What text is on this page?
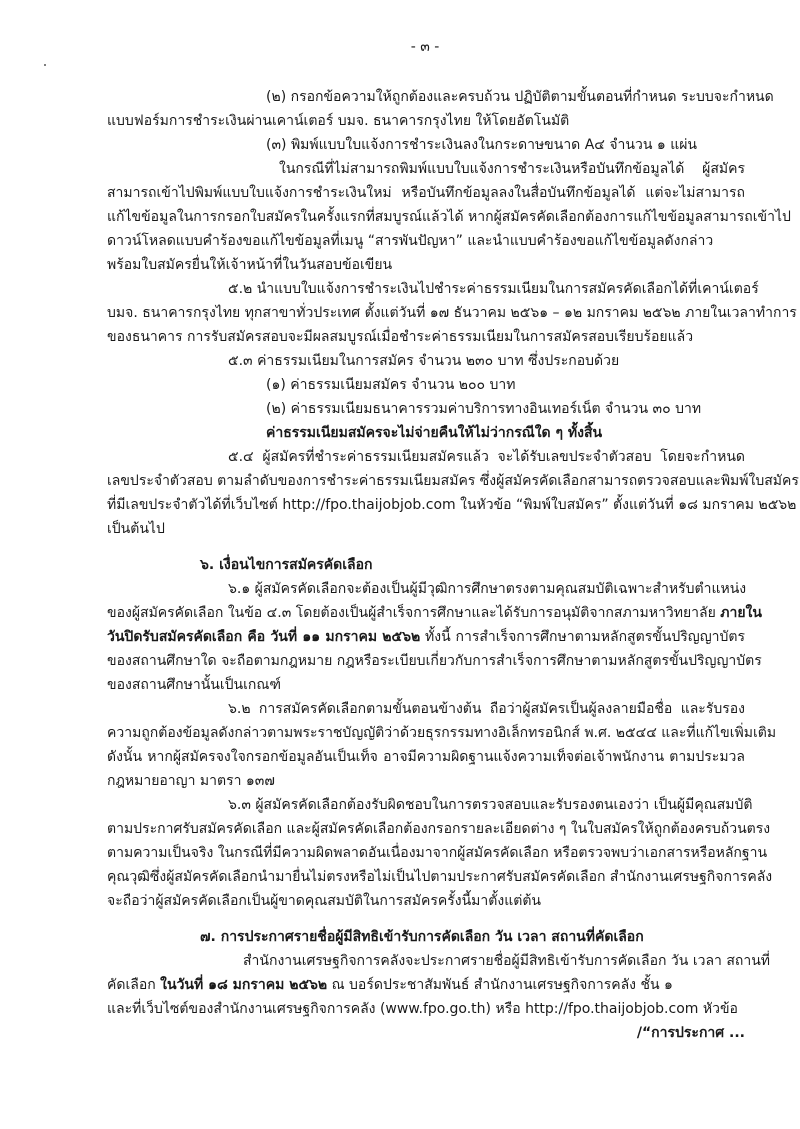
- ๓ -
(๒) กรอกข้อความให้ถูกต้องและครบถ้วน ปฏิบัติตามขั้นตอนที่กำหนด ระบบจะกำหนด
แบบฟอร์มการชำระเงินผ่านเคาน์เตอร์ บมจ. ธนาคารกรุงไทย ให้โดยอัตโนมัติ
(๓) พิมพ์แบบใบแจ้งการชำระเงินลงในกระดาษขนาด A๔ จำนวน ๑ แผ่น
ในกรณีที่ไม่สามารถพิมพ์แบบใบแจ้งการชำระเงินหรือบันทึกข้อมูลได้ ผู้สมัคร
สามารถเข้าไปพิมพ์แบบใบแจ้งการชำระเงินใหม่ หรือบันทึกข้อมูลลงในสื่อบันทึกข้อมูลได้ แต่จะไม่สามารถ
แก้ไขข้อมูลในการกรอกใบสมัครในครั้งแรกที่สมบูรณ์แล้วได้ หากผู้สมัครคัดเลือกต้องการแก้ไขข้อมูลสามารถเข้าไป
ดาวน์โหลดแบบคำร้องขอแก้ไขข้อมูลที่เมนู “สารพันปัญหา” และนำแบบคำร้องขอแก้ไขข้อมูลดังกล่าว
พร้อมใบสมัครยื่นให้เจ้าหน้าที่ในวันสอบข้อเขียน
๕.๒ นำแบบใบแจ้งการชำระเงินไปชำระค่าธรรมเนียมในการสมัครคัดเลือกได้ที่เคาน์เตอร์
บมจ. ธนาคารกรุงไทย ทุกสาขาทั่วประเทศ ตั้งแต่วันที่ ๑๗ ธันวาคม ๒๕๖๑ – ๑๒ มกราคม ๒๕๖๒ ภายในเวลาทำการ
ของธนาคาร การรับสมัครสอบจะมีผลสมบูรณ์เมื่อชำระค่าธรรมเนียมในการสมัครสอบเรียบร้อยแล้ว
๕.๓ ค่าธรรมเนียมในการสมัคร จำนวน ๒๓๐ บาท ซึ่งประกอบด้วย
(๑) ค่าธรรมเนียมสมัคร จำนวน ๒๐๐ บาท
(๒) ค่าธรรมเนียมธนาคารรวมค่าบริการทางอินเทอร์เน็ต จำนวน ๓๐ บาท
ค่าธรรมเนียมสมัครจะไม่จ่ายคืนให้ไม่ว่ากรณีใด ๆ ทั้งสิ้น
๕.๔ ผู้สมัครที่ชำระค่าธรรมเนียมสมัครแล้ว จะได้รับเลขประจำตัวสอบ โดยจะกำหนด
เลขประจำตัวสอบ ตามลำดับของการชำระค่าธรรมเนียมสมัคร ซึ่งผู้สมัครคัดเลือกสามารถตรวจสอบและพิมพ์ใบสมัคร
ที่มีเลขประจำตัวได้ที่เว็บไซต์ http://fpo.thaijobjob.com ในหัวข้อ “พิมพ์ใบสมัคร” ตั้งแต่วันที่ ๑๘ มกราคม ๒๕๖๒
เป็นต้นไป
๖. เงื่อนไขการสมัครคัดเลือก
๖.๑ ผู้สมัครคัดเลือกจะต้องเป็นผู้มีวุฒิการศึกษาตรงตามคุณสมบัติเฉพาะสำหรับตำแหน่ง
ของผู้สมัครคัดเลือก ในข้อ ๔.๓ โดยต้องเป็นผู้สำเร็จการศึกษาและได้รับการอนุมัติจากสภามหาวิทยาลัย ภายใน
วันปิดรับสมัครคัดเลือก คือ วันที่ ๑๑ มกราคม ๒๕๖๒ ทั้งนี้ การสำเร็จการศึกษาตามหลักสูตรขั้นปริญญาบัตร
ของสถานศึกษาใด จะถือตามกฎหมาย กฎหรือระเบียบเกี่ยวกับการสำเร็จการศึกษาตามหลักสูตรขั้นปริญญาบัตร
ของสถานศึกษานั้นเป็นเกณฑ์
๖.๒ การสมัครคัดเลือกตามขั้นตอนข้างต้น ถือว่าผู้สมัครเป็นผู้ลงลายมือชื่อ และรับรอง
ความถูกต้องข้อมูลดังกล่าวตามพระราชบัญญัติว่าด้วยธุรกรรมทางอิเล็กทรอนิกส์ พ.ศ. ๒๕๔๔ และที่แก้ไขเพิ่มเติม
ดังนั้น หากผู้สมัครจงใจกรอกข้อมูลอันเป็นเท็จ อาจมีความผิดฐานแจ้งความเท็จต่อเจ้าพนักงาน ตามประมวล
กฎหมายอาญา มาตรา ๑๓๗
๖.๓ ผู้สมัครคัดเลือกต้องรับผิดชอบในการตรวจสอบและรับรองตนเองว่า เป็นผู้มีคุณสมบัติ
ตามประกาศรับสมัครคัดเลือก และผู้สมัครคัดเลือกต้องกรอกรายละเอียดต่าง ๆ ในใบสมัครให้ถูกต้องครบถ้วนตรง
ตามความเป็นจริง ในกรณีที่มีความผิดพลาดอันเนื่องมาจากผู้สมัครคัดเลือก หรือตรวจพบว่าเอกสารหรือหลักฐาน
คุณวุฒิซึ่งผู้สมัครคัดเลือกนำมายื่นไม่ตรงหรือไม่เป็นไปตามประกาศรับสมัครคัดเลือก สำนักงานเศรษฐกิจการคลัง
จะถือว่าผู้สมัครคัดเลือกเป็นผู้ขาดคุณสมบัติในการสมัครครั้งนี้มาตั้งแต่ต้น
๗. การประกาศรายชื่อผู้มีสิทธิเข้ารับการคัดเลือก วัน เวลา สถานที่คัดเลือก
สำนักงานเศรษฐกิจการคลังจะประกาศรายชื่อผู้มีสิทธิเข้ารับการคัดเลือก วัน เวลา สถานที่
คัดเลือก ในวันที่ ๑๘ มกราคม ๒๕๖๒ ณ บอร์ดประชาสัมพันธ์ สำนักงานเศรษฐกิจการคลัง ชั้น ๑
และที่เว็บไซต์ของสำนักงานเศรษฐกิจการคลัง (www.fpo.go.th) หรือ http://fpo.thaijobjob.com หัวข้อ
/“การประกาศ ...
